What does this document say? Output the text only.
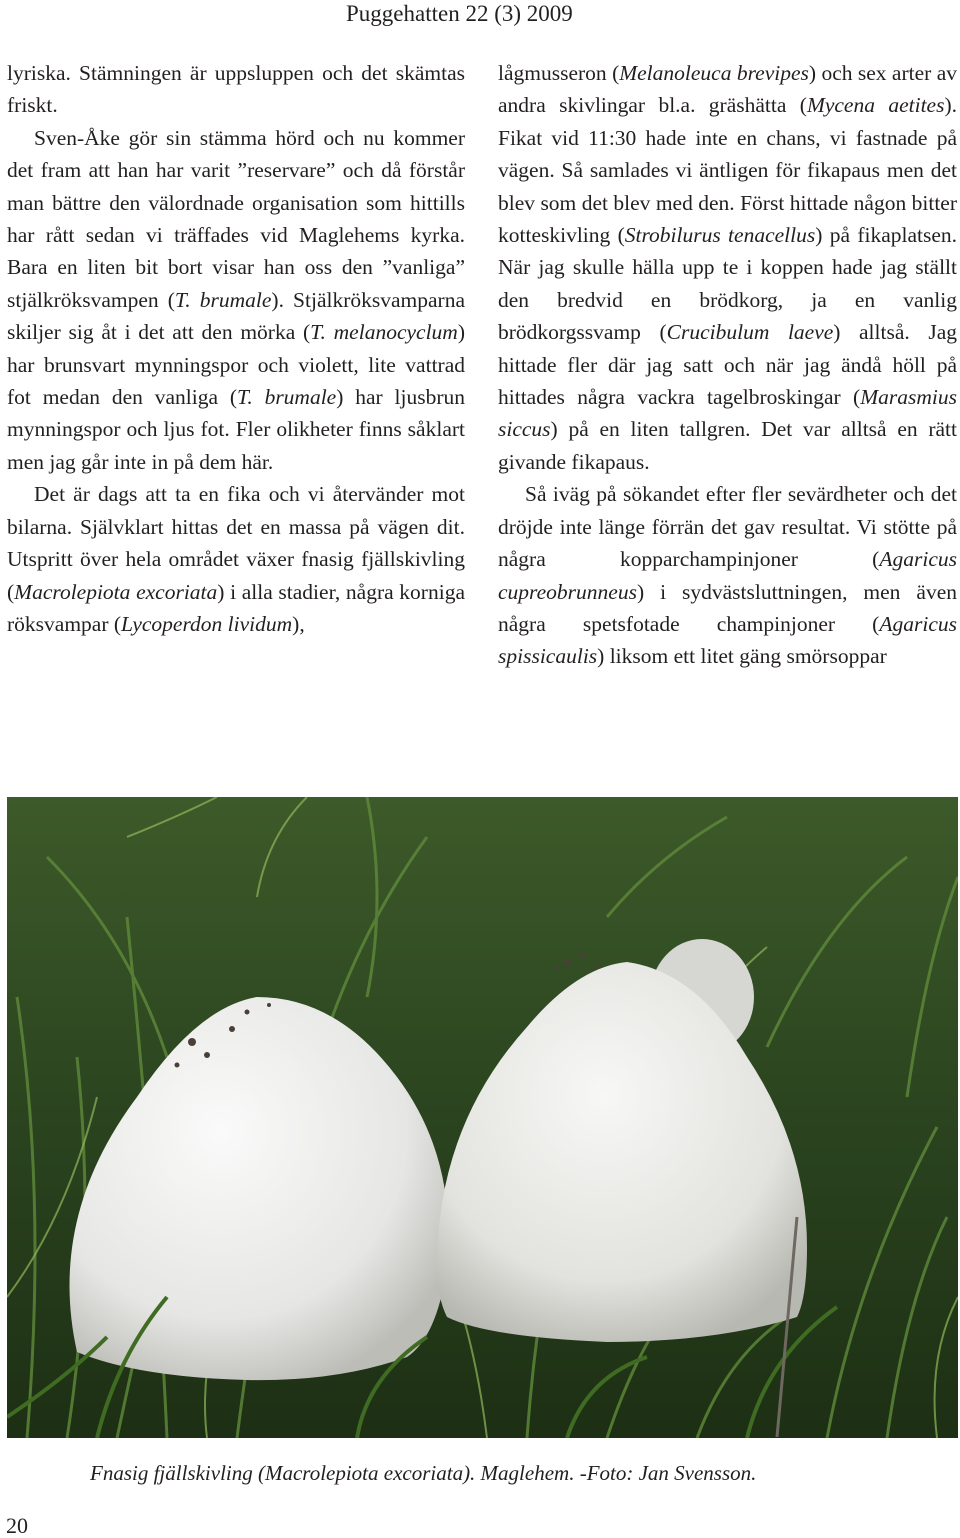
Puggehatten 22 (3) 2009

lyriska. Stämningen är uppsluppen och det skämtas friskt.

Sven-Åke gör sin stämma hörd och nu kommer det fram att han har varit ”reservare” och då förstår man bättre den välordnade organisation som hittills har rått sedan vi träffades vid Maglehems kyrka. Bara en liten bit bort visar han oss den ”vanliga” stjälkröksvampen (T. brumale). Stjälkröksvamparna skiljer sig åt i det att den mörka (T. melanocyclum) har brunsvart mynningspor och violett, lite vattrad fot medan den vanliga (T. brumale) har ljusbrun mynningspor och ljus fot. Fler olikheter finns såklart men jag går inte in på dem här.

Det är dags att ta en fika och vi återvänder mot bilarna. Självklart hittas det en massa på vägen dit. Utspritt över hela området växer fnasig fjällskivling (Macrolepiota excoriata) i alla stadier, några korniga röksvampar (Lycoperdon lividum),

lågmusseron (Melanoleuca brevipes) och sex arter av andra skivlingar bl.a. gräshätta (Mycena aetites). Fikat vid 11:30 hade inte en chans, vi fastnade på vägen. Så samlades vi äntligen för fikapaus men det blev som det blev med den. Först hittade någon bitter kotteskivling (Strobilurus tenacellus) på fikaplatsen. När jag skulle hälla upp te i koppen hade jag ställt den bredvid en brödkorg, ja en vanlig brödkorgssvamp (Crucibulum laeve) alltså. Jag hittade fler där jag satt och när jag ändå höll på hittades några vackra tagelbroskingar (Marasmius siccus) på en liten tallgren. Det var alltså en rätt givande fikapaus.

Så iväg på sökandet efter fler sevärdheter och det dröjde inte länge förrän det gav resultat. Vi stötte på några kopparchampinjoner (Agaricus cupreobrunneus) i sydvästsluttningen, men även några spetsfotade champinjoner (Agaricus spissicaulis) liksom ett litet gäng smörsoppar

Fnasig fjällskivling (Macrolepiota excoriata). Maglehem. -Foto: Jan Svensson.
20
